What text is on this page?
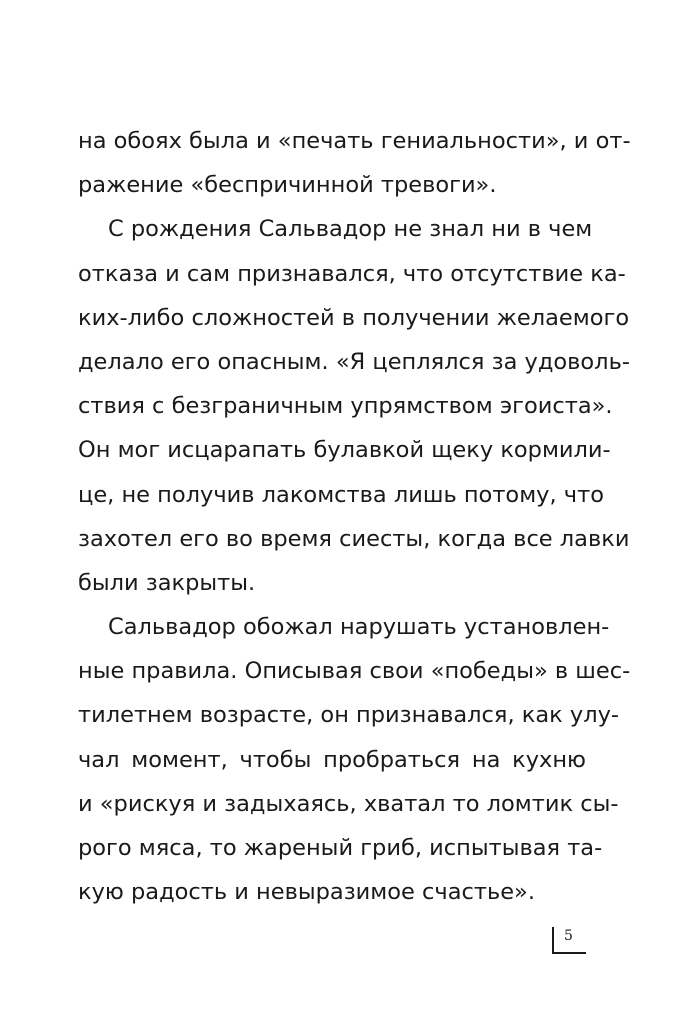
на обоях была и «печать гениальности», и от-
ражение «беспричинной тревоги».
С рождения Сальвадор не знал ни в чем
отказа и сам признавался, что отсутствие ка-
ких-либо сложностей в получении желаемого
делало его опасным. «Я цеплялся за удоволь-
ствия с безграничным упрямством эгоиста».
Он мог исцарапать булавкой щеку кормили-
це, не получив лакомства лишь потому, что
захотел его во время сиесты, когда все лавки
были закрыты.
Сальвадор обожал нарушать установлен-
ные правила. Описывая свои «победы» в шес-
тилетнем возрасте, он признавался, как улу-
чал момент, чтобы пробраться на кухню
и «рискуя и задыхаясь, хватал то ломтик сы-
рого мяса, то жареный гриб, испытывая та-
кую радость и невыразимое счастье».
5
